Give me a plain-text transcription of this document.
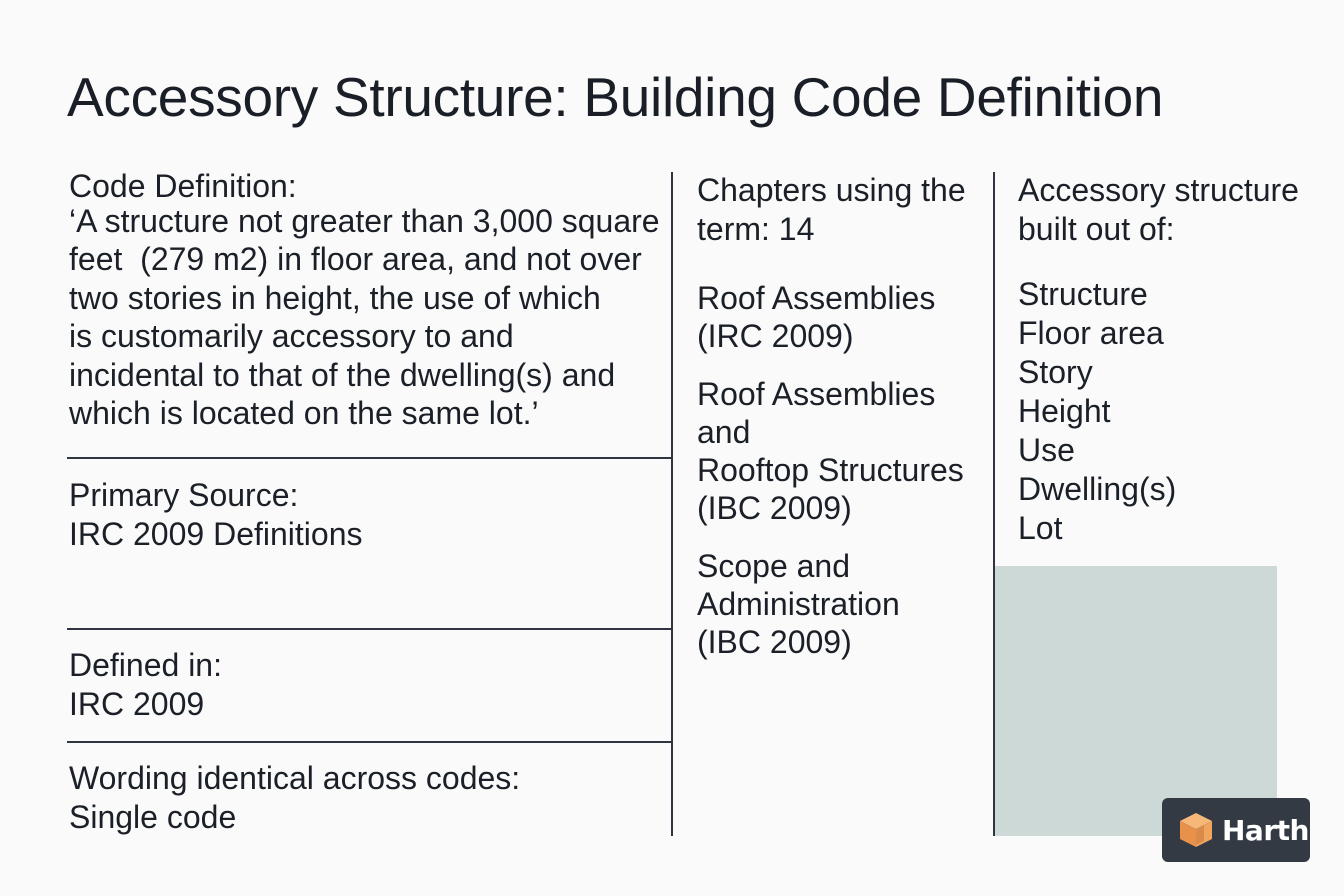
Accessory Structure: Building Code Definition
Code Definition:
‘A structure not greater than 3,000 square
feet  (279 m2) in floor area, and not over
two stories in height, the use of which
is customarily accessory to and
incidental to that of the dwelling(s) and
which is located on the same lot.’
Primary Source:
IRC 2009 Definitions
Defined in:
IRC 2009
Wording identical across codes:
Single code
Chapters using the term: 14
Roof Assemblies
(IRC 2009)
Roof Assemblies and
Rooftop Structures
(IBC 2009)
Scope and
Administration
(IBC 2009)
Accessory structure built out of:
Structure
Floor area
Story
Height
Use
Dwelling(s)
Lot
Harth
